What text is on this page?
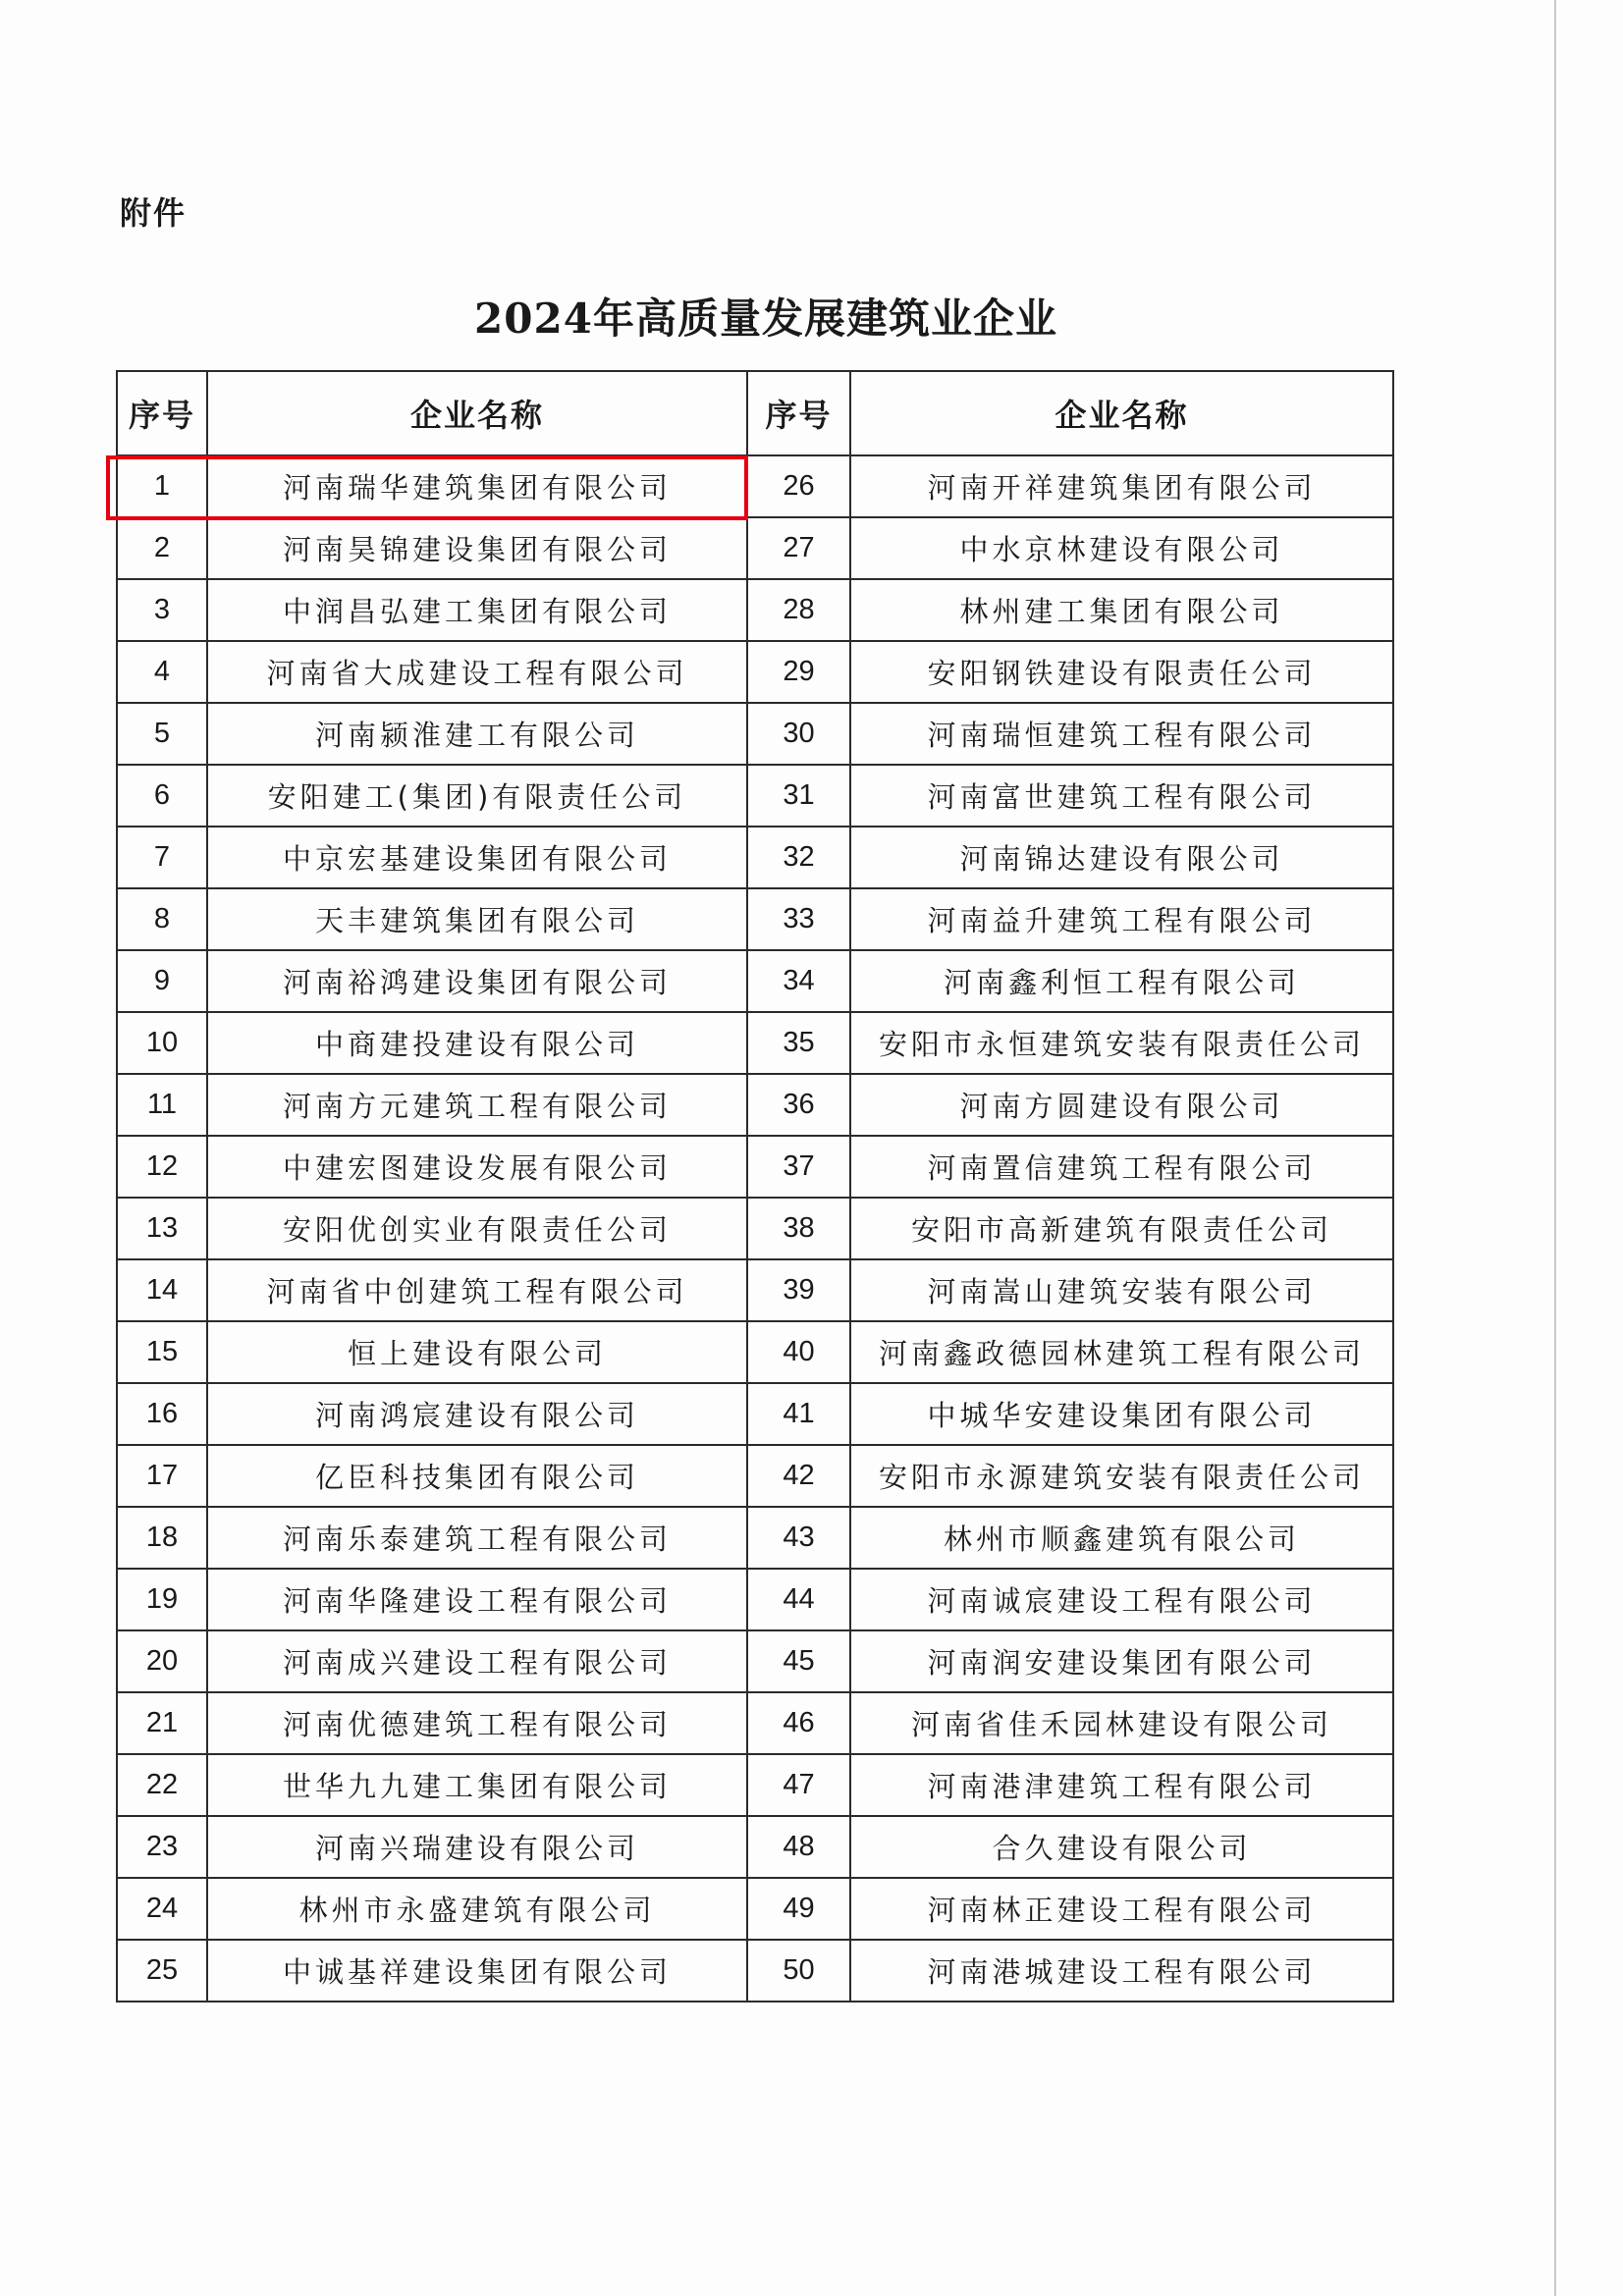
附件
2024年高质量发展建筑业企业
序号	企业名称	序号	企业名称
1	河南瑞华建筑集团有限公司	26	河南开祥建筑集团有限公司
2	河南昊锦建设集团有限公司	27	中水京林建设有限公司
3	中润昌弘建工集团有限公司	28	林州建工集团有限公司
4	河南省大成建设工程有限公司	29	安阳钢铁建设有限责任公司
5	河南颍淮建工有限公司	30	河南瑞恒建筑工程有限公司
6	安阳建工(集团)有限责任公司	31	河南富世建筑工程有限公司
7	中京宏基建设集团有限公司	32	河南锦达建设有限公司
8	天丰建筑集团有限公司	33	河南益升建筑工程有限公司
9	河南裕鸿建设集团有限公司	34	河南鑫利恒工程有限公司
10	中商建投建设有限公司	35	安阳市永恒建筑安装有限责任公司
11	河南方元建筑工程有限公司	36	河南方圆建设有限公司
12	中建宏图建设发展有限公司	37	河南置信建筑工程有限公司
13	安阳优创实业有限责任公司	38	安阳市高新建筑有限责任公司
14	河南省中创建筑工程有限公司	39	河南嵩山建筑安装有限公司
15	恒上建设有限公司	40	河南鑫政德园林建筑工程有限公司
16	河南鸿宸建设有限公司	41	中城华安建设集团有限公司
17	亿臣科技集团有限公司	42	安阳市永源建筑安装有限责任公司
18	河南乐泰建筑工程有限公司	43	林州市顺鑫建筑有限公司
19	河南华隆建设工程有限公司	44	河南诚宸建设工程有限公司
20	河南成兴建设工程有限公司	45	河南润安建设集团有限公司
21	河南优德建筑工程有限公司	46	河南省佳禾园林建设有限公司
22	世华九九建工集团有限公司	47	河南港津建筑工程有限公司
23	河南兴瑞建设有限公司	48	合久建设有限公司
24	林州市永盛建筑有限公司	49	河南林正建设工程有限公司
25	中诚基祥建设集团有限公司	50	河南港城建设工程有限公司
